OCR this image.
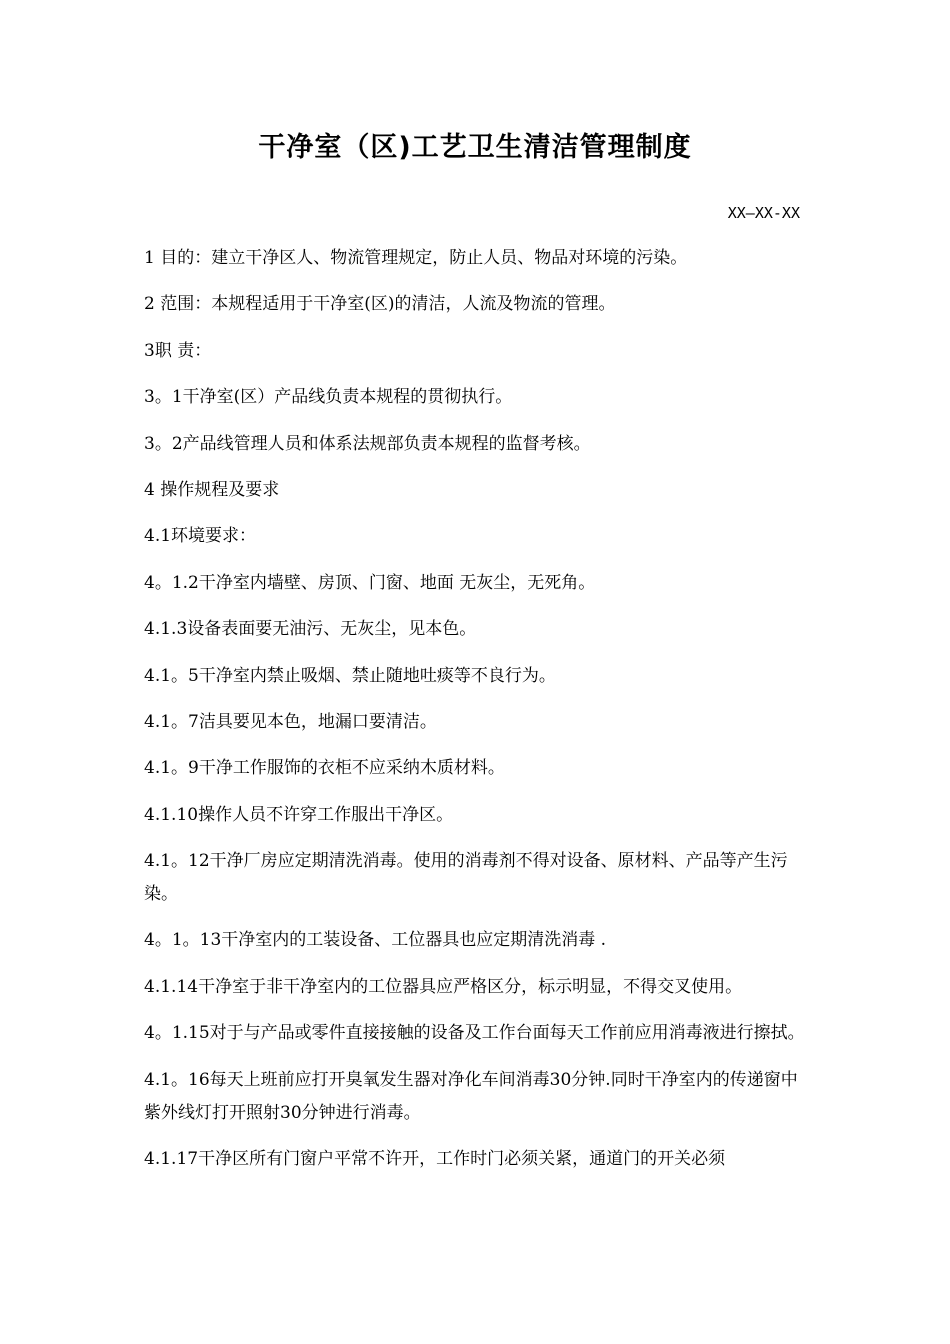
干净室（区)工艺卫生清洁管理制度
XX—XX-XX

1 目的：建立干净区人、物流管理规定，防止人员、物品对环境的污染。

2 范围：本规程适用于干净室(区)的清洁，人流及物流的管理。

3职 责：

3。1干净室(区）产品线负责本规程的贯彻执行。

3。2产品线管理人员和体系法规部负责本规程的监督考核。

4 操作规程及要求

4.1环境要求：

4。1.2干净室内墙壁、房顶、门窗、地面 无灰尘，无死角。

4.1.3设备表面要无油污、无灰尘，见本色。

4.1。5干净室内禁止吸烟、禁止随地吐痰等不良行为。

4.1。7洁具要见本色，地漏口要清洁。

4.1。9干净工作服饰的衣柜不应采纳木质材料。

4.1.10操作人员不许穿工作服出干净区。

4.1。12干净厂房应定期清洗消毒。使用的消毒剂不得对设备、原材料、产品等产生污染。

4。1。13干净室内的工装设备、工位器具也应定期清洗消毒 .

4.1.14干净室于非干净室内的工位器具应严格区分，标示明显，不得交叉使用。

4。1.15对于与产品或零件直接接触的设备及工作台面每天工作前应用消毒液进行擦拭。

4.1。16每天上班前应打开臭氧发生器对净化车间消毒30分钟.同时干净室内的传递窗中紫外线灯打开照射30分钟进行消毒。

4.1.17干净区所有门窗户平常不许开，工作时门必须关紧，通道门的开关必须
